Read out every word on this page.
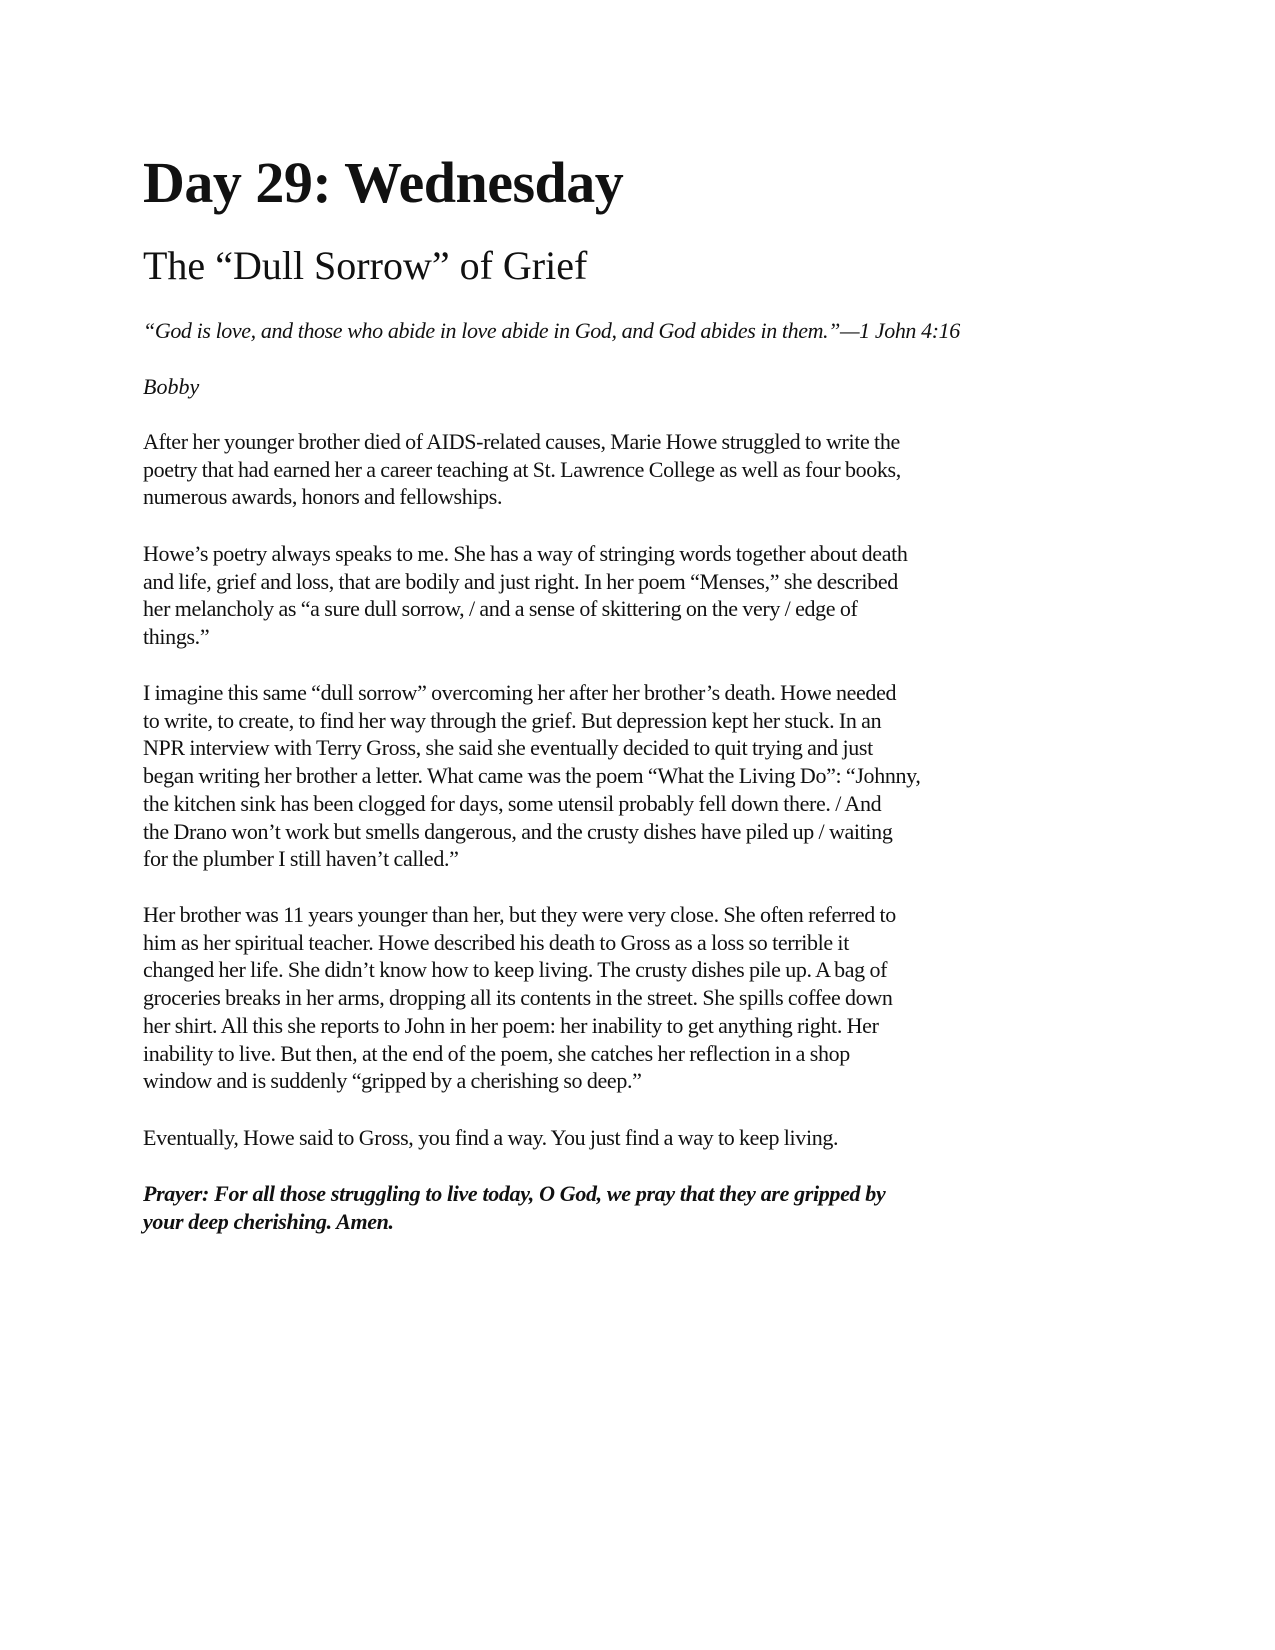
Day 29: Wednesday
The “Dull Sorrow” of Grief

“God is love, and those who abide in love abide in God, and God abides in them.”—1 John 4:16

Bobby

After her younger brother died of AIDS-related causes, Marie Howe struggled to write the
poetry that had earned her a career teaching at St. Lawrence College as well as four books,
numerous awards, honors and fellowships.

Howe’s poetry always speaks to me. She has a way of stringing words together about death
and life, grief and loss, that are bodily and just right. In her poem “Menses,” she described
her melancholy as “a sure dull sorrow, / and a sense of skittering on the very / edge of
things.”

I imagine this same “dull sorrow” overcoming her after her brother’s death. Howe needed
to write, to create, to find her way through the grief. But depression kept her stuck. In an
NPR interview with Terry Gross, she said she eventually decided to quit trying and just
began writing her brother a letter. What came was the poem “What the Living Do”: “Johnny,
the kitchen sink has been clogged for days, some utensil probably fell down there. / And
the Drano won’t work but smells dangerous, and the crusty dishes have piled up / waiting
for the plumber I still haven’t called.”

Her brother was 11 years younger than her, but they were very close. She often referred to
him as her spiritual teacher. Howe described his death to Gross as a loss so terrible it
changed her life. She didn’t know how to keep living. The crusty dishes pile up. A bag of
groceries breaks in her arms, dropping all its contents in the street. She spills coffee down
her shirt. All this she reports to John in her poem: her inability to get anything right. Her
inability to live. But then, at the end of the poem, she catches her reflection in a shop
window and is suddenly “gripped by a cherishing so deep.”

Eventually, Howe said to Gross, you find a way. You just find a way to keep living.

Prayer: For all those struggling to live today, O God, we pray that they are gripped by
your deep cherishing. Amen.
